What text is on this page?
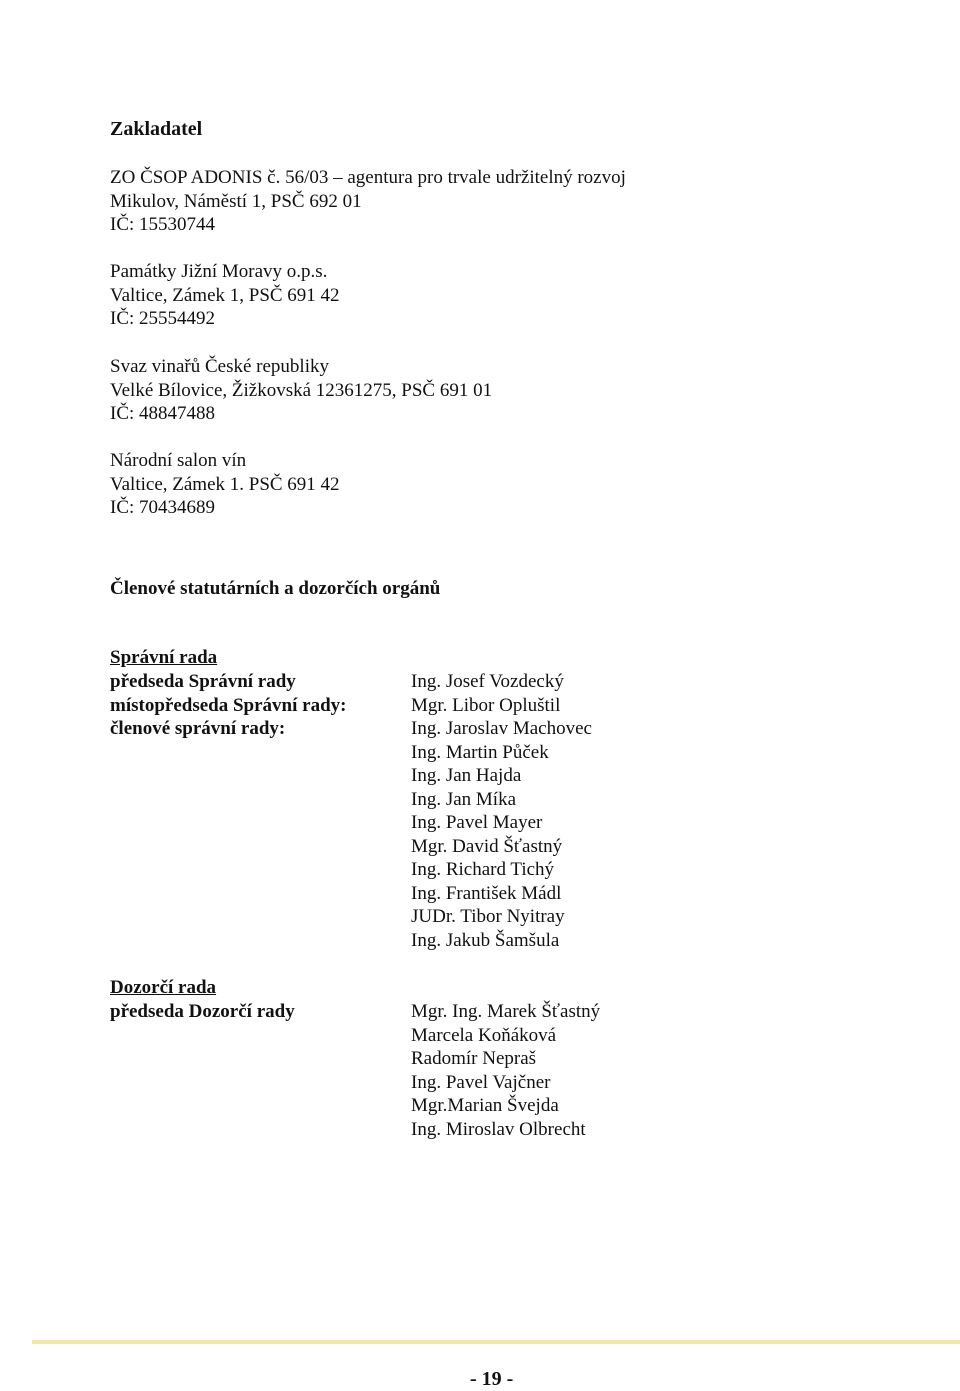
Zakladatel
ZO ČSOP ADONIS č. 56/03 – agentura pro trvale udržitelný rozvoj
Mikulov, Náměstí 1, PSČ 692 01
IČ: 15530744
Památky Jižní Moravy o.p.s.
Valtice, Zámek 1, PSČ 691 42
IČ: 25554492
Svaz vinařů České republiky
Velké Bílovice, Žižkovská 12361275, PSČ 691 01
IČ: 48847488
Národní salon vín
Valtice, Zámek 1. PSČ 691 42
IČ: 70434689
Členové statutárních a dozorčích orgánů
Správní rada
předseda Správní rady
místopředseda Správní rady:
členové správní rady:
Ing. Josef Vozdecký
Mgr. Libor Opluštil
Ing. Jaroslav Machovec
Ing. Martin Půček
Ing. Jan Hajda
Ing. Jan Míka
Ing. Pavel Mayer
Mgr. David Šťastný
Ing. Richard Tichý
Ing. František Mádl
JUDr. Tibor Nyitray
Ing. Jakub Šamšula
Dozorčí rada
předseda Dozorčí rady	Mgr. Ing. Marek Šťastný
Marcela Koňáková
Radomír Nepraš
Ing. Pavel Vajčner
Mgr.Marian Švejda
Ing. Miroslav Olbrecht
- 19 -
